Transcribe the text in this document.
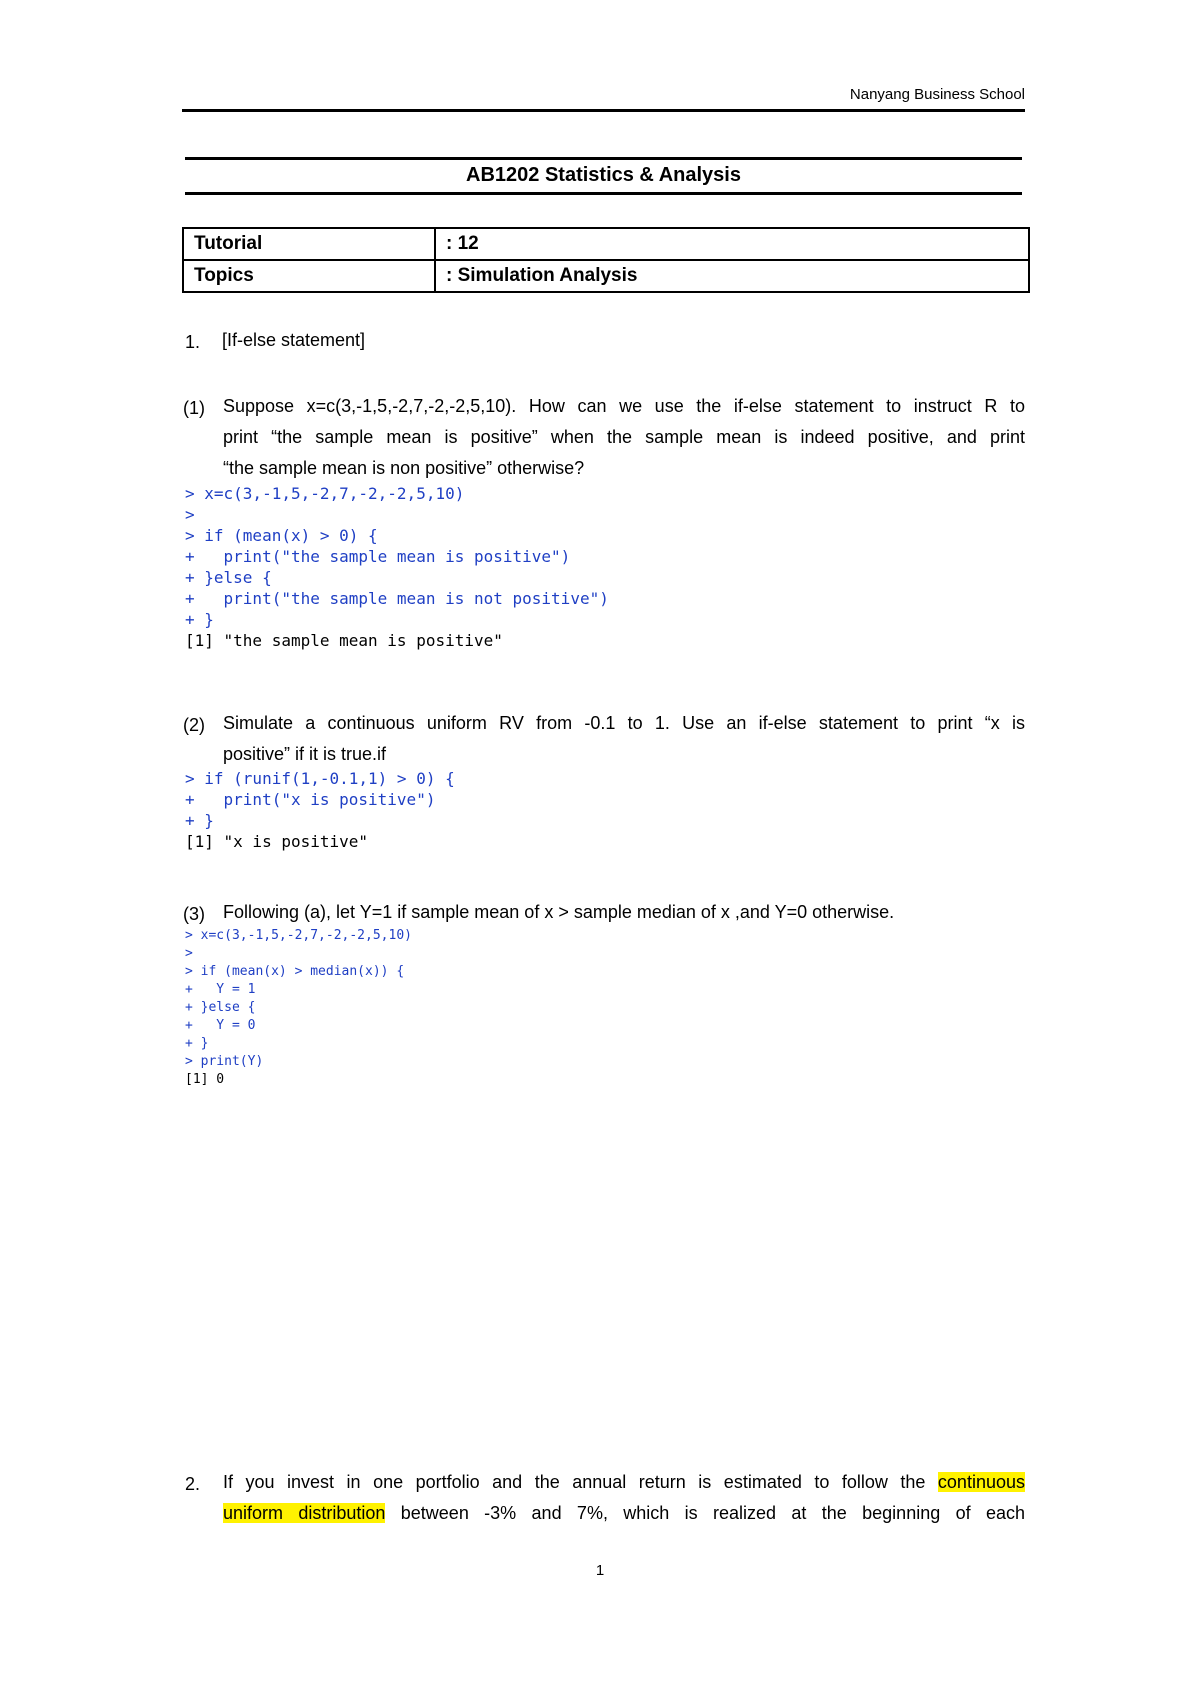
Nanyang Business School
AB1202 Statistics & Analysis
Tutorial	: 12
Topics	: Simulation Analysis
1. [If-else statement]
(1) Suppose x=c(3,-1,5,-2,7,-2,-2,5,10). How can we use the if-else statement to instruct R to
print “the sample mean is positive” when the sample mean is indeed positive, and print
“the sample mean is non positive” otherwise?
> x=c(3,-1,5,-2,7,-2,-2,5,10)
>
> if (mean(x) > 0) {
+   print("the sample mean is positive")
+ }else {
+   print("the sample mean is not positive")
+ }
[1] "the sample mean is positive"
(2) Simulate a continuous uniform RV from -0.1 to 1. Use an if-else statement to print “x is
positive” if it is true.if
> if (runif(1,-0.1,1) > 0) {
+   print("x is positive")
+ }
[1] "x is positive"
(3) Following (a), let Y=1 if sample mean of x > sample median of x ,and Y=0 otherwise.
> x=c(3,-1,5,-2,7,-2,-2,5,10)
>
> if (mean(x) > median(x)) {
+   Y = 1
+ }else {
+   Y = 0
+ }
> print(Y)
[1] 0
2. If you invest in one portfolio and the annual return is estimated to follow the continuous
uniform distribution between -3% and 7%, which is realized at the beginning of each
1
